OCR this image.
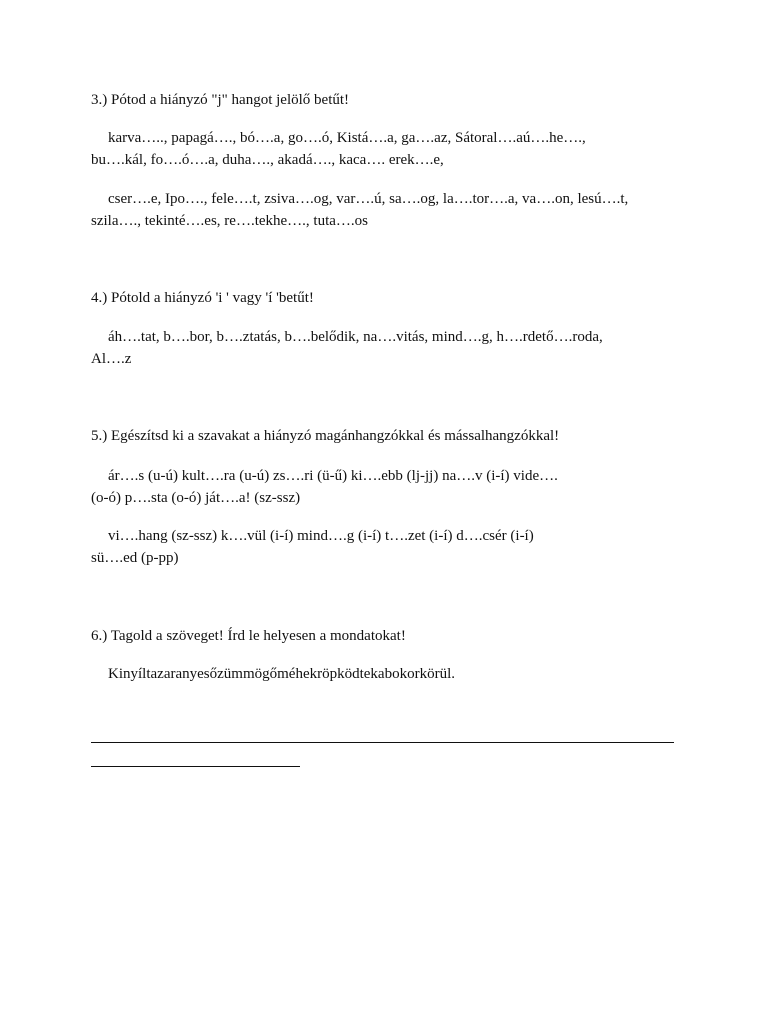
3.) Pótod a hiányzó "j" hangot jelölő betűt!
karva….., papagá…., bó….a, go….ó, Kistá….a, ga….az, Sátoral….aú….he….,
bu….kál, fo….ó….a, duha…., akadá…., kaca…. erek….e,
cser….e, Ipo…., fele….t, zsiva….og, var….ú, sa….og, la….tor….a, va….on, lesú….t,
szila…., tekinté….es, re….tekhe…., tuta….os
4.) Pótold a hiányzó 'i ' vagy 'í 'betűt!
áh….tat, b….bor, b….ztatás, b….belődik, na….vitás, mind….g, h….rdető….roda,
Al….z
5.) Egészítsd ki a szavakat a hiányzó magánhangzókkal és mássalhangzókkal!
ár….s (u-ú) kult….ra (u-ú) zs….ri (ü-ű) ki….ebb (lj-jj) na….v (i-í) vide….
(o-ó) p….sta (o-ó) ját….a! (sz-ssz)
vi….hang (sz-ssz) k….vül (i-í) mind….g (i-í) t….zet (i-í) d….csér (i-í)
sü….ed (p-pp)
6.) Tagold a szöveget! Írd le helyesen a mondatokat!
Kinyíltazaranyesőzümmögőméhekröpködtekabokorkörül.
